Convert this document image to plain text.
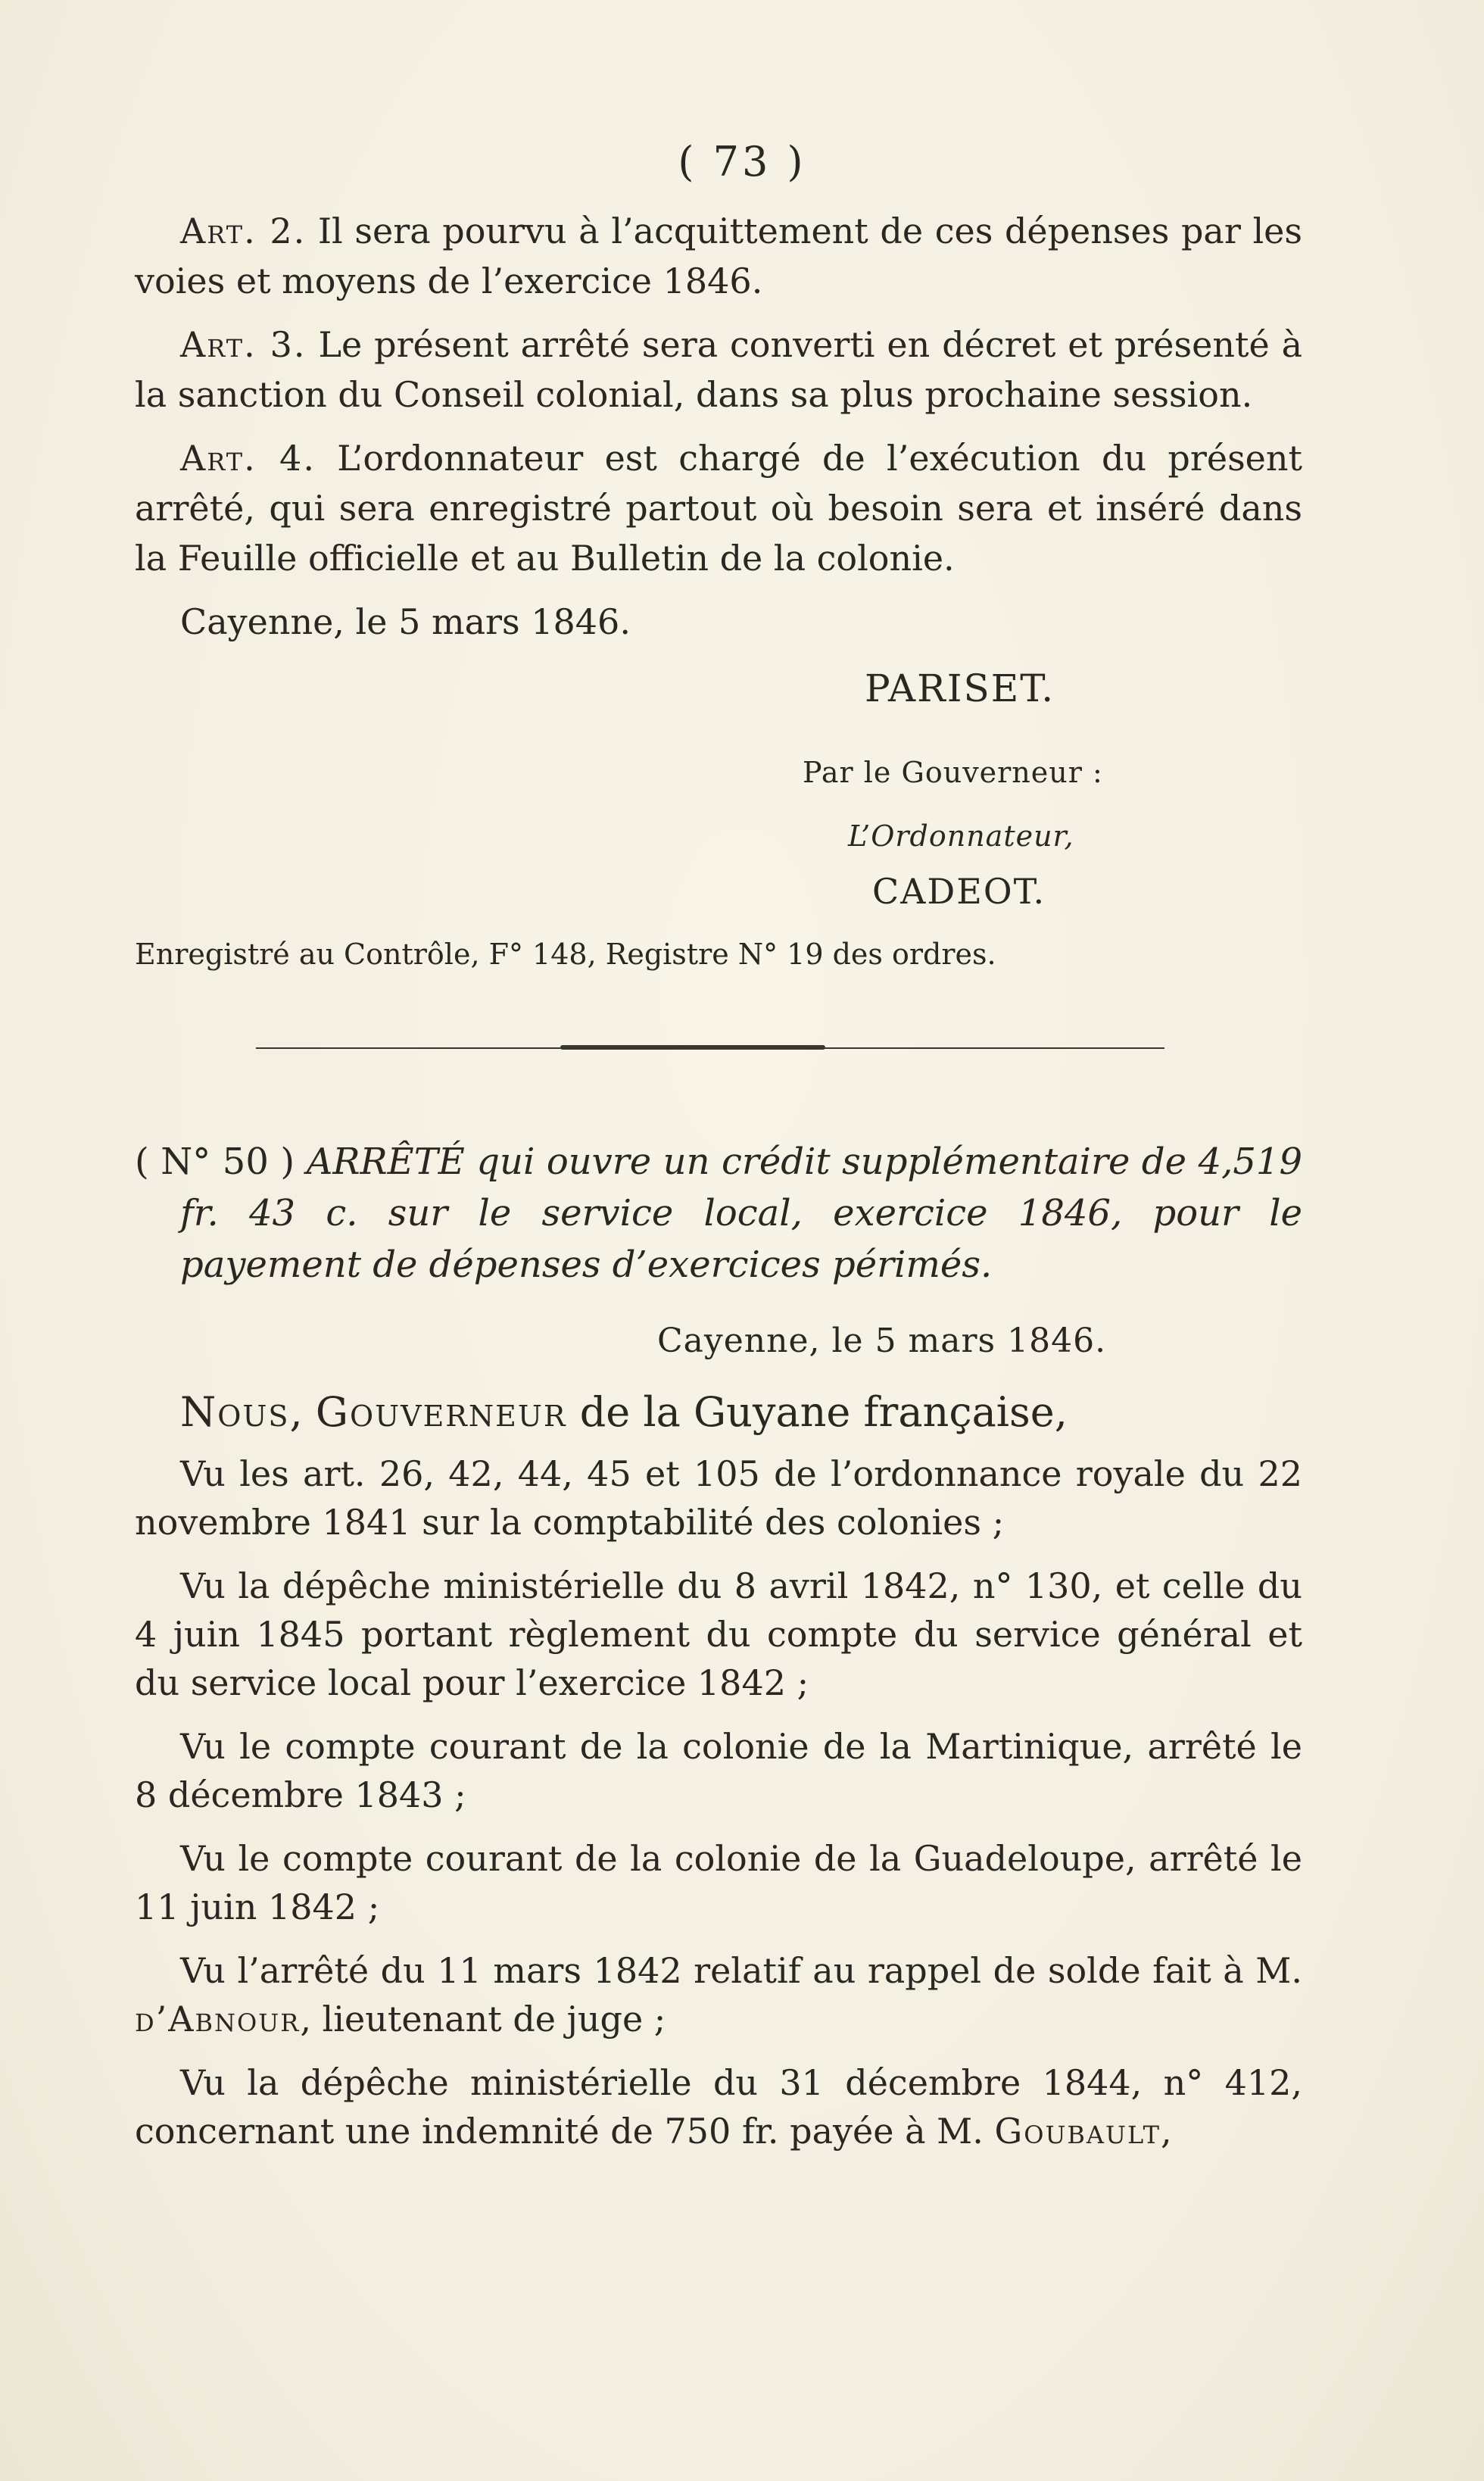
( 73 )

Art. 2. Il sera pourvu à l’acquittement de ces dépenses par les voies et moyens de l’exercice 1846.

Art. 3. Le présent arrêté sera converti en décret et présenté à la sanction du Conseil colonial, dans sa plus prochaine session.

Art. 4. L’ordonnateur est chargé de l’exécution du présent arrêté, qui sera enregistré partout où besoin sera et inséré dans la Feuille officielle et au Bulletin de la colonie.

Cayenne, le 5 mars 1846.

PARISET.
Par le Gouverneur :
L’Ordonnateur,
CADEOT.
Enregistré au Contrôle, F° 148, Registre N° 19 des ordres.

( N° 50 ) ARRÊTÉ qui ouvre un crédit supplémentaire de 4,519 fr. 43 c. sur le service local, exercice 1846, pour le payement de dépenses d’exercices périmés.

Cayenne, le 5 mars 1846.

Nous, Gouverneur de la Guyane française,

Vu les art. 26, 42, 44, 45 et 105 de l’ordonnance royale du 22 novembre 1841 sur la comptabilité des colonies ;

Vu la dépêche ministérielle du 8 avril 1842, n° 130, et celle du 4 juin 1845 portant règlement du compte du service général et du service local pour l’exercice 1842 ;

Vu le compte courant de la colonie de la Martinique, arrêté le 8 décembre 1843 ;

Vu le compte courant de la colonie de la Guadeloupe, arrêté le 11 juin 1842 ;

Vu l’arrêté du 11 mars 1842 relatif au rappel de solde fait à M. d’Abnour, lieutenant de juge ;

Vu la dépêche ministérielle du 31 décembre 1844, n° 412, concernant une indemnité de 750 fr. payée à M. Goubault,
